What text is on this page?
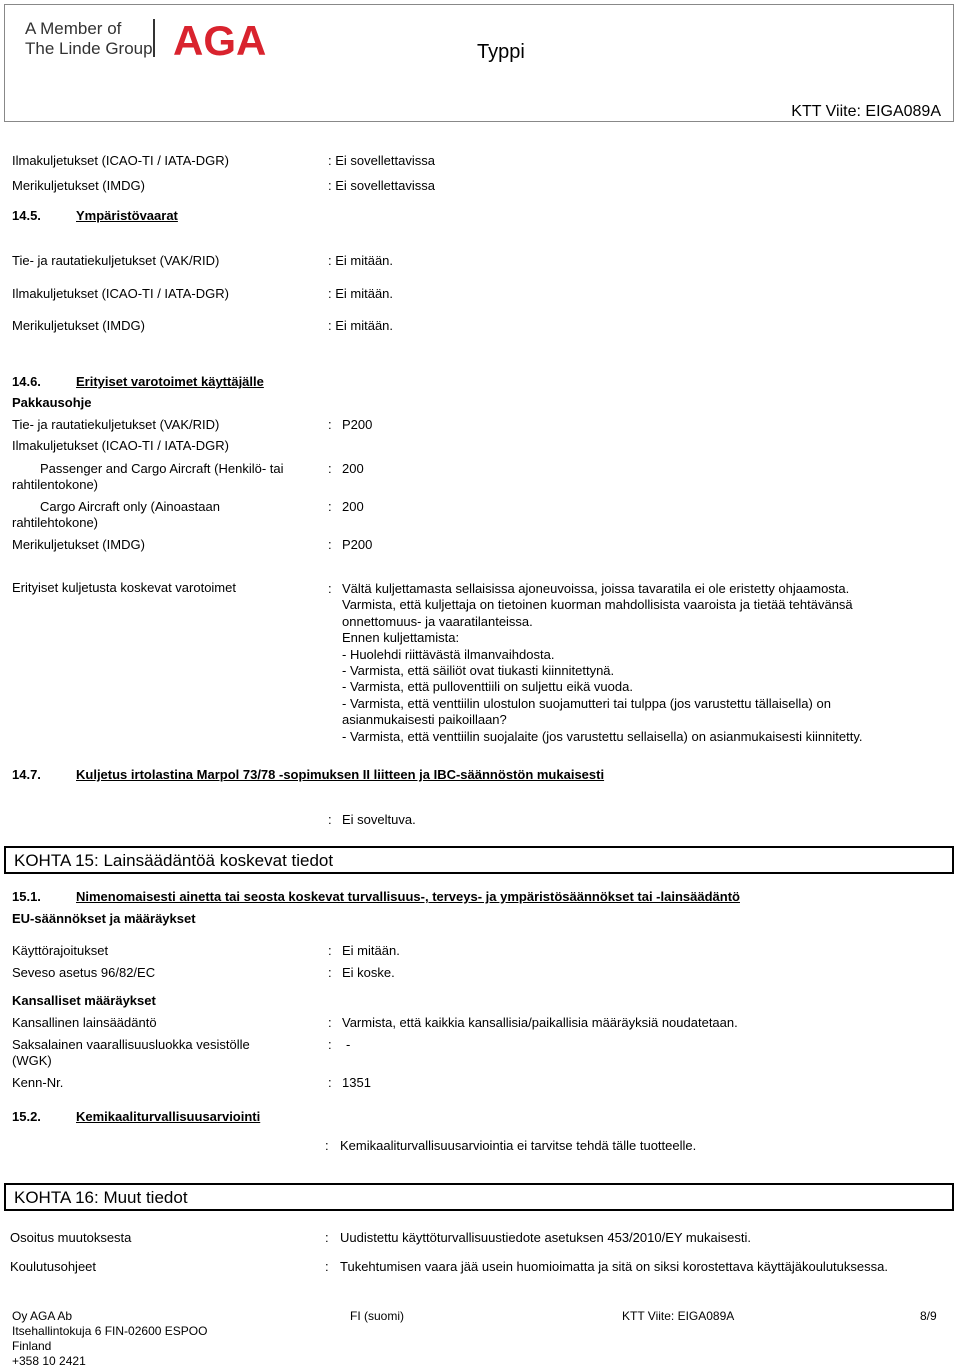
A Member of
The Linde Group AGA	Typpi
KTT Viite: EIGA089A
Ilmakuljetukset (ICAO-TI / IATA-DGR)	: Ei sovellettavissa
Merikuljetukset (IMDG)	: Ei sovellettavissa
14.5.	Ympäristövaarat
Tie- ja rautatiekuljetukset (VAK/RID)	: Ei mitään.
Ilmakuljetukset (ICAO-TI / IATA-DGR)	: Ei mitään.
Merikuljetukset (IMDG)	: Ei mitään.
14.6.	Erityiset varotoimet käyttäjälle
Pakkausohje
Tie- ja rautatiekuljetukset (VAK/RID)	: P200
Ilmakuljetukset (ICAO-TI / IATA-DGR)
Passenger and Cargo Aircraft (Henkilö- tai
rahtilentokone)
: 200
Cargo Aircraft only (Ainoastaan
rahtilehtokone)
: 200
Merikuljetukset (IMDG)	: P200
Erityiset kuljetusta koskevat varotoimet	: Vältä kuljettamasta sellaisissa ajoneuvoissa, joissa tavaratila ei ole eristetty ohjaamosta.
Varmista, että kuljettaja on tietoinen kuorman mahdollisista vaaroista ja tietää tehtävänsä
onnettomuus- ja vaaratilanteissa.
Ennen kuljettamista:
- Huolehdi riittävästä ilmanvaihdosta.
- Varmista, että säiliöt ovat tiukasti kiinnitettynä.
- Varmista, että pulloventtiili on suljettu eikä vuoda.
- Varmista, että venttiilin ulostulon suojamutteri tai tulppa (jos varustettu tällaisella) on
asianmukaisesti paikoillaan?
- Varmista, että venttiilin suojalaite (jos varustettu sellaisella) on asianmukaisesti kiinnitetty.
14.7.	Kuljetus irtolastina Marpol 73/78 -sopimuksen II liitteen ja IBC-säännöstön mukaisesti
: Ei soveltuva.
KOHTA 15: Lainsäädäntöä koskevat tiedot
15.1.	Nimenomaisesti ainetta tai seosta koskevat turvallisuus-, terveys- ja ympäristösäännökset tai -lainsäädäntö
EU-säännökset ja määräykset
Käyttörajoitukset	: Ei mitään.
Seveso asetus 96/82/EC	: Ei koske.
Kansalliset määräykset
Kansallinen lainsäädäntö	: Varmista, että kaikkia kansallisia/paikallisia määräyksiä noudatetaan.
Saksalainen vaarallisuusluokka vesistölle
(WGK)
: -
Kenn-Nr.	: 1351
15.2.	Kemikaaliturvallisuusarviointi
: Kemikaaliturvallisuusarviointia ei tarvitse tehdä tälle tuotteelle.
KOHTA 16: Muut tiedot
Osoitus muutoksesta	: Uudistettu käyttöturvallisuustiedote asetuksen 453/2010/EY mukaisesti.
Koulutusohjeet	: Tukehtumisen vaara jää usein huomioimatta ja sitä on siksi korostettava käyttäjäkoulutuksessa.
Oy AGA Ab
Itsehallintokuja 6 FIN-02600 ESPOO
Finland
+358 10 2421
FI (suomi)	KTT Viite: EIGA089A	8/9
